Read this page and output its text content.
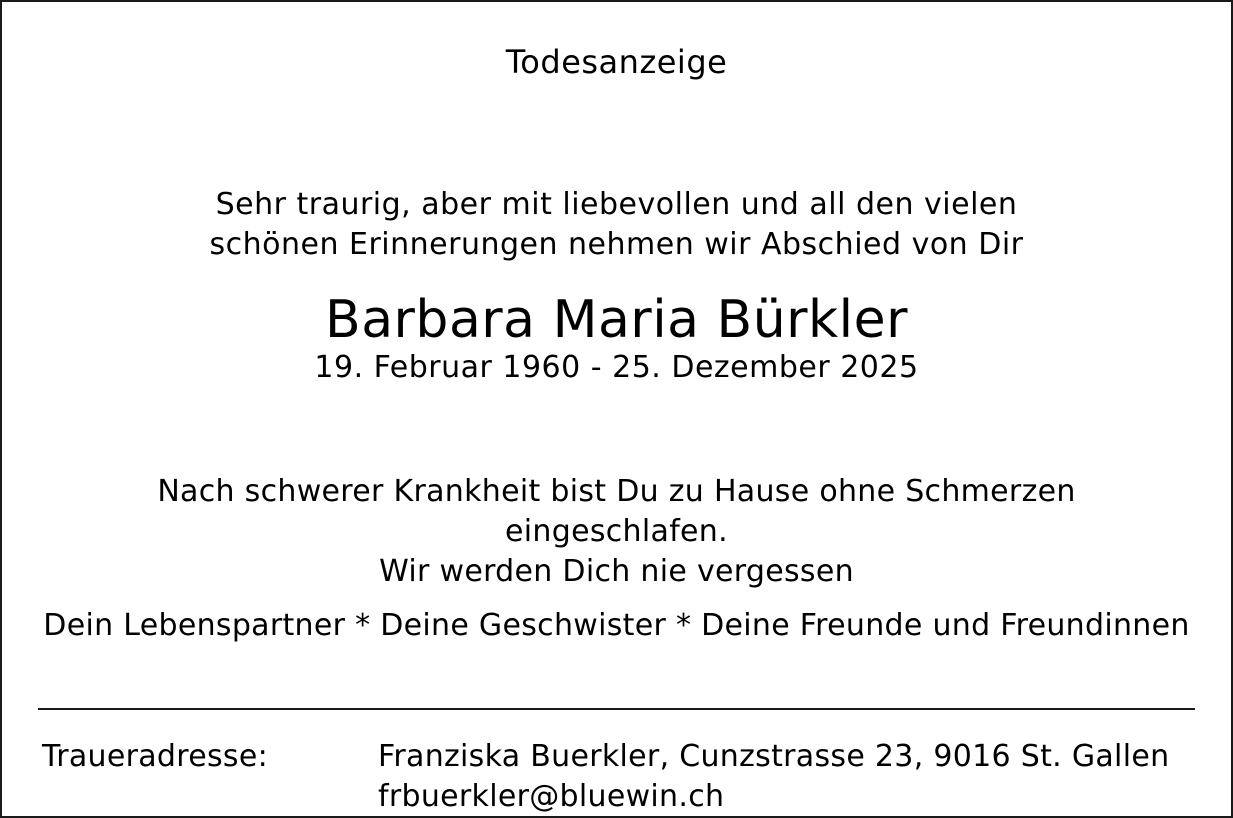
Todesanzeige
Sehr traurig, aber mit liebevollen und all den vielen
schönen Erinnerungen nehmen wir Abschied von Dir
Barbara Maria Bürkler
19. Februar 1960 - 25. Dezember 2025
Nach schwerer Krankheit bist Du zu Hause ohne Schmerzen eingeschlafen.
Wir werden Dich nie vergessen
Dein Lebenspartner * Deine Geschwister * Deine Freunde und Freundinnen
Traueradresse:	Franziska Buerkler, Cunzstrasse 23, 9016 St. Gallen
frbuerkler@bluewin.ch
